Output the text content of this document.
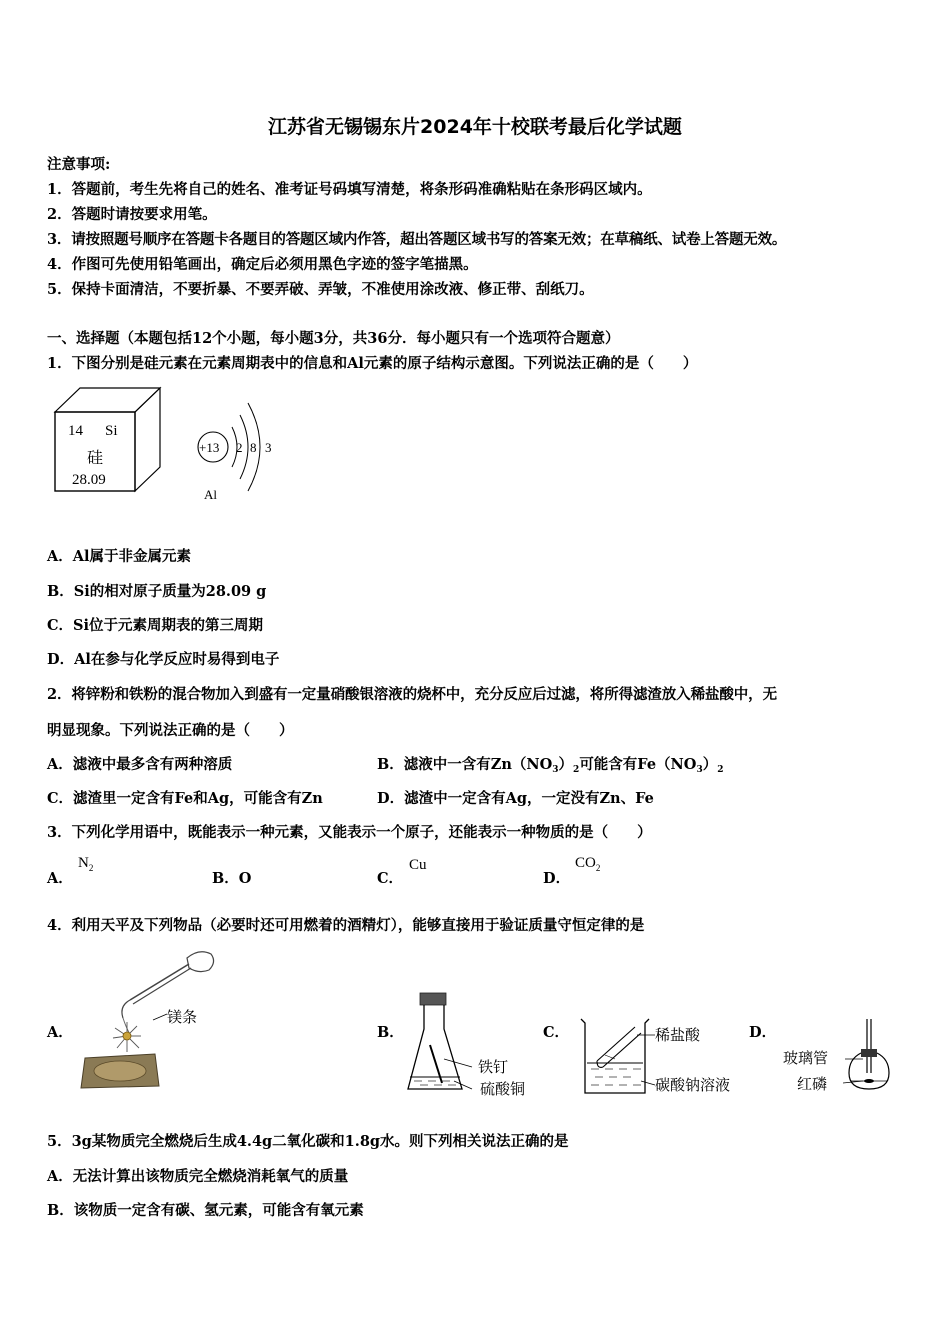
江苏省无锡锡东片2024年十校联考最后化学试题
注意事项:
1．答题前，考生先将自己的姓名、准考证号码填写清楚，将条形码准确粘贴在条形码区域内。
2．答题时请按要求用笔。
3．请按照题号顺序在答题卡各题目的答题区域内作答，超出答题区域书写的答案无效；在草稿纸、试卷上答题无效。
4．作图可先使用铅笔画出，确定后必须用黑色字迹的签字笔描黑。
5．保持卡面清洁，不要折暴、不要弄破、弄皱，不准使用涂改液、修正带、刮纸刀。
一、选择题（本题包括12个小题，每小题3分，共36分．每小题只有一个选项符合题意）
1．下图分别是硅元素在元素周期表中的信息和Al元素的原子结构示意图。下列说法正确的是（　　）
14 Si
硅
28.09
+13 2 8 3
Al
A．Al属于非金属元素
B．Si的相对原子质量为28.09 g
C．Si位于元素周期表的第三周期
D．Al在参与化学反应时易得到电子
2．将锌粉和铁粉的混合物加入到盛有一定量硝酸银溶液的烧杯中，充分反应后过滤，将所得滤渣放入稀盐酸中，无
明显现象。下列说法正确的是（　　）
A．滤液中最多含有两种溶质	B．滤液中一含有$Zn(NO_3)_2$可能含有$Fe(NO_3)_2$
C．滤渣里一定含有Fe和Ag，可能含有Zn	D．滤渣中一定含有Ag，一定没有Zn、Fe
3．下列化学用语中，既能表示一种元素，又能表示一个原子，还能表示一种物质的是（　　）
A．
$N_2$
B．O	C．
Cu
D．
$CO_2$
4．利用天平及下列物品（必要时还可用燃着的酒精灯），能够直接用于验证质量守恒定律的是
A．
镁条
B．
铁钉
硫酸铜
C．	稀盐酸
碳酸钠溶液
D．
玻璃管
红磷
5．3g某物质完全燃烧后生成4.4g二氧化碳和1.8g水。则下列相关说法正确的是
A．无法计算出该物质完全燃烧消耗氧气的质量
B．该物质一定含有碳、氢元素，可能含有氧元素
